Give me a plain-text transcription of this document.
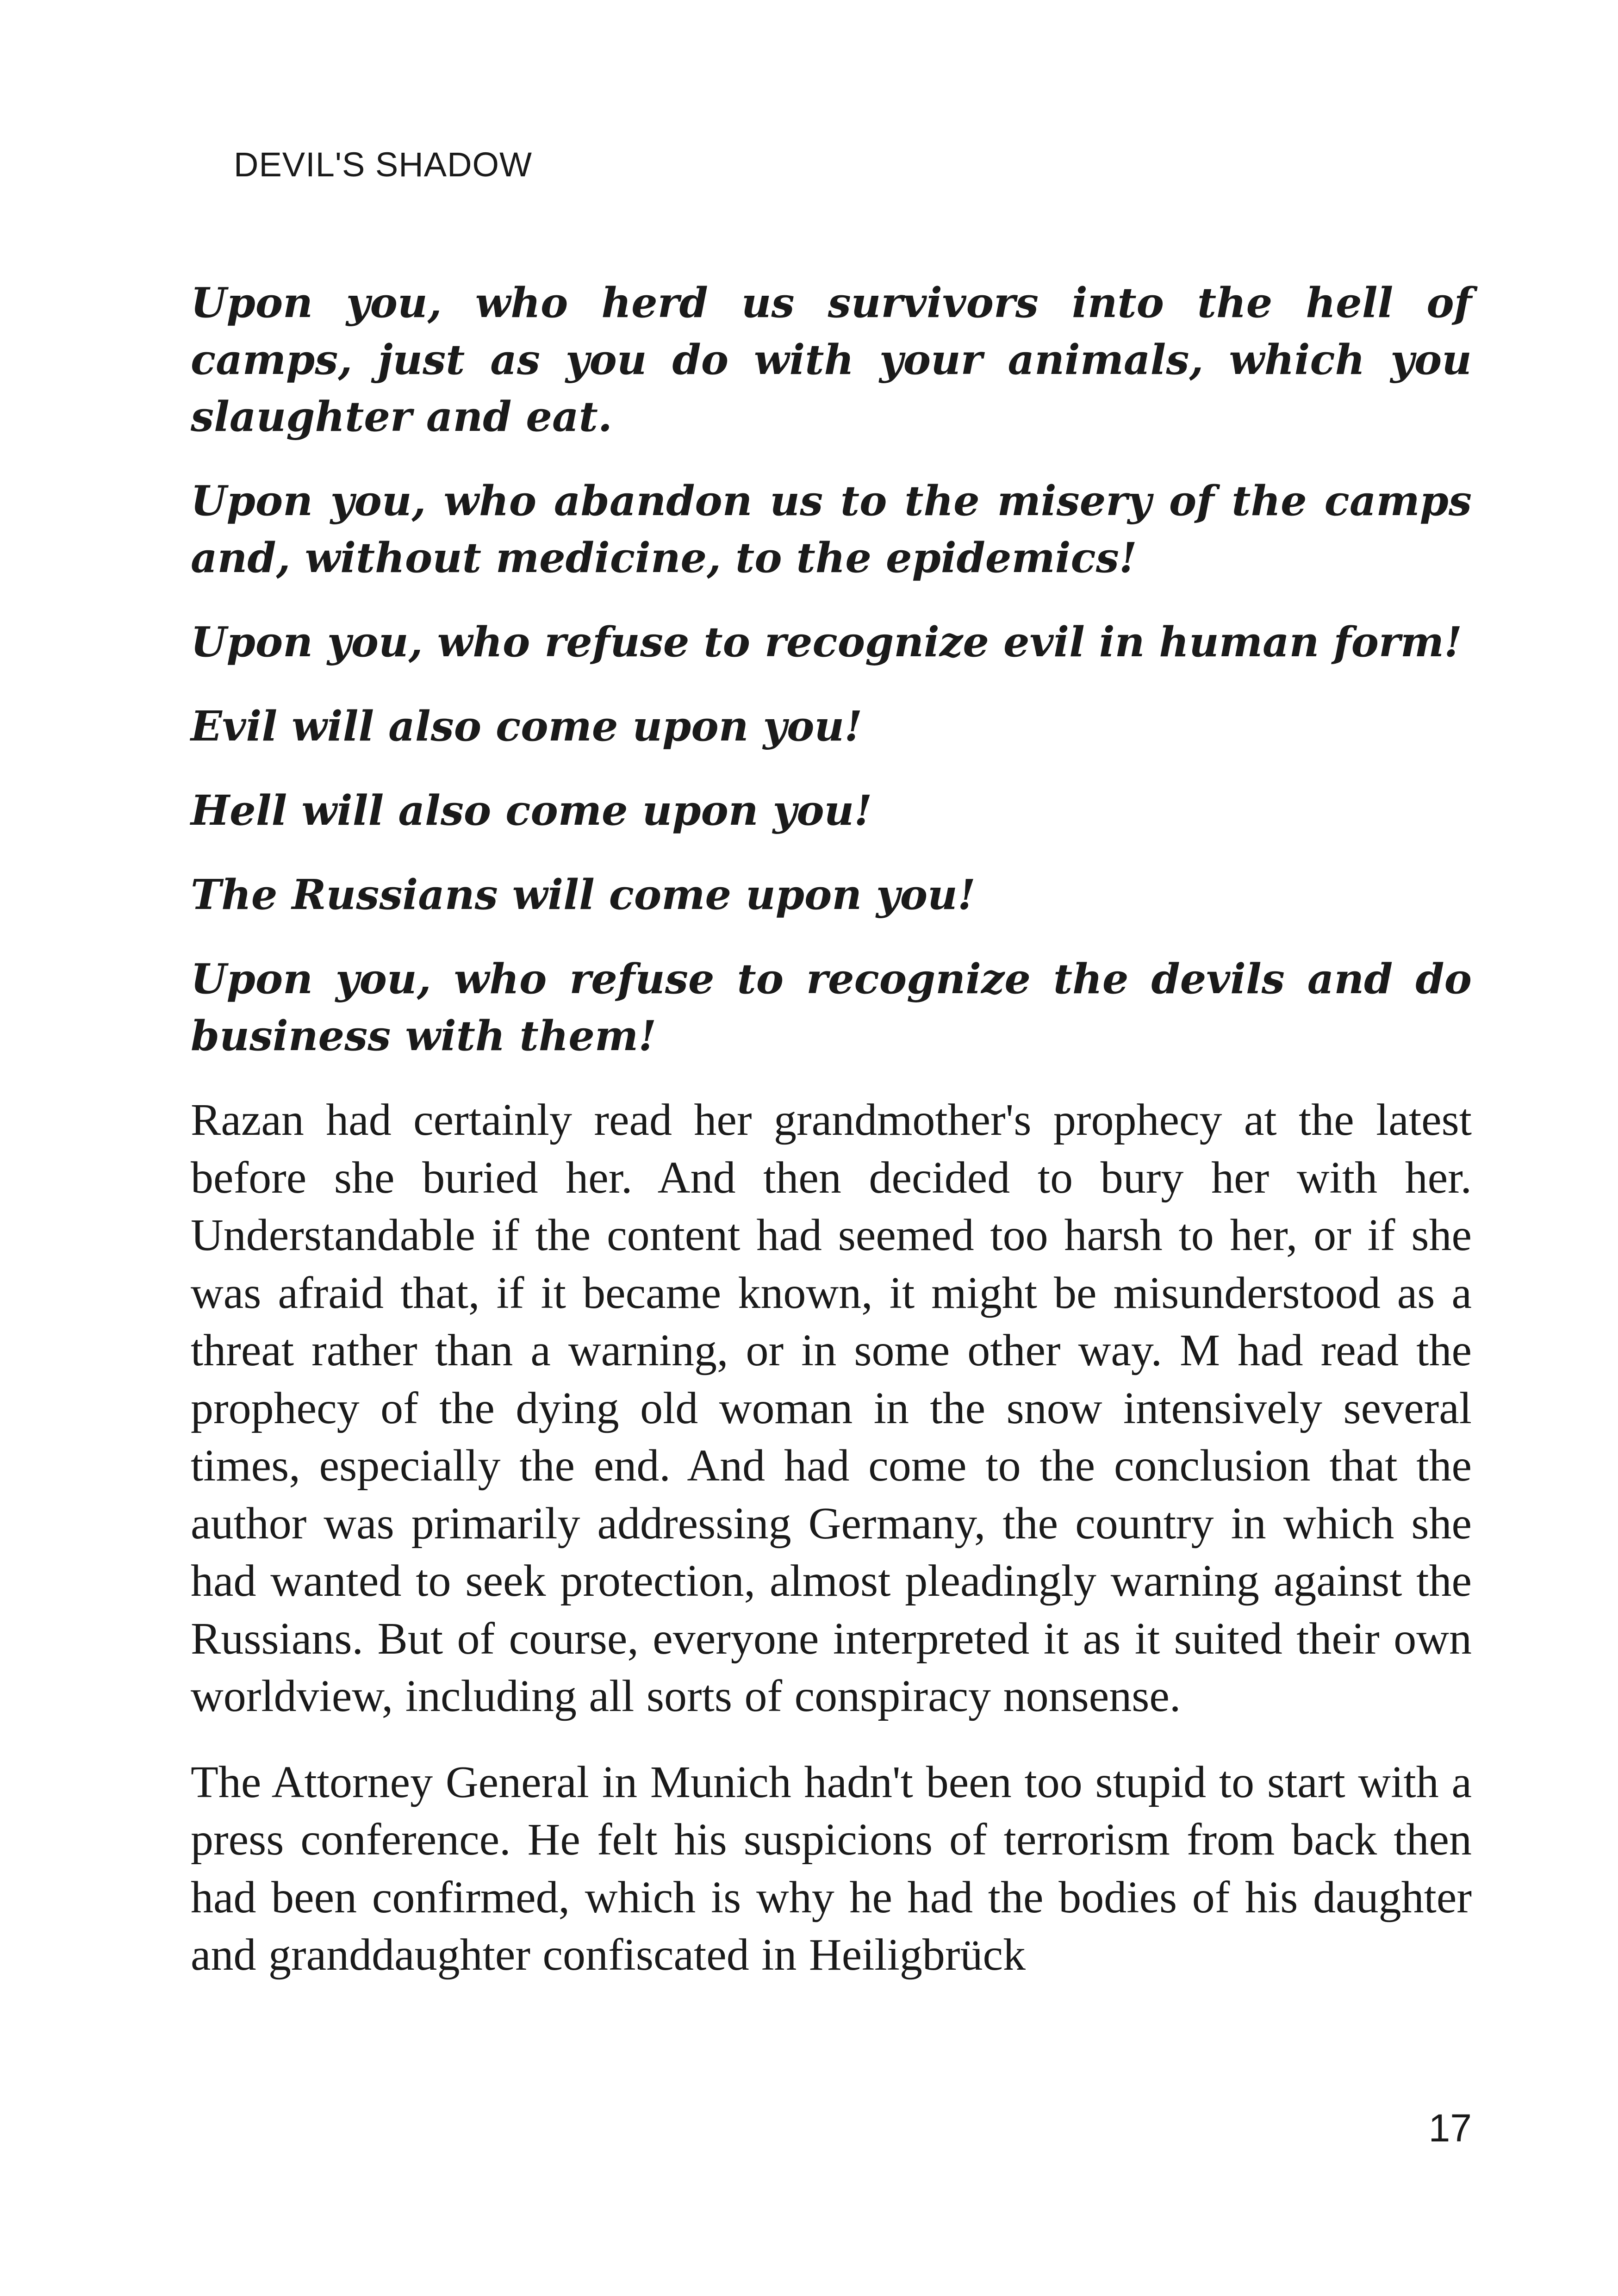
DEVIL'S SHADOW

Upon you, who herd us survivors into the hell of camps, just as you do with your animals, which you slaughter and eat.

Upon you, who abandon us to the misery of the camps and, without medicine, to the epidemics!

Upon you, who refuse to recognize evil in human form!

Evil will also come upon you!

Hell will also come upon you!

The Russians will come upon you!

Upon you, who refuse to recognize the devils and do business with them!

Razan had certainly read her grandmother's prophecy at the latest before she buried her. And then decided to bury her with her. Understandable if the content had seemed too harsh to her, or if she was afraid that, if it became known, it might be misunderstood as a threat rather than a warning, or in some other way. M had read the prophecy of the dying old woman in the snow intensively several times, especially the end. And had come to the conclusion that the author was primarily addressing Germany, the country in which she had wanted to seek protection, almost pleadingly warning against the Russians. But of course, everyone interpreted it as it suited their own worldview, including all sorts of conspiracy nonsense.

The Attorney General in Munich hadn't been too stupid to start with a press conference. He felt his suspicions of terrorism from back then had been confirmed, which is why he had the bodies of his daughter and granddaughter confiscated in Heiligbrück

17
